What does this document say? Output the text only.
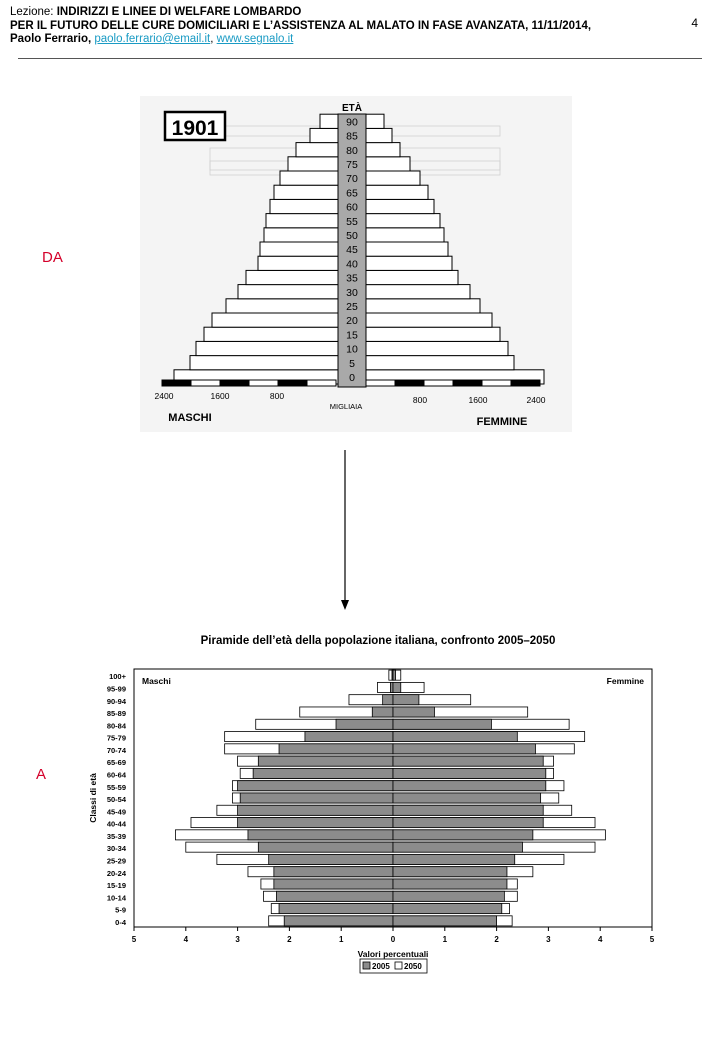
Lezione: INDIRIZZI E LINEE DI WELFARE LOMBARDO
PER IL FUTURO DELLE CURE DOMICILIARI E L’ASSISTENZA AL MALATO IN FASE AVANZATA, 11/11/2014,
Paolo Ferrario, paolo.ferrario@email.it, www.segnalo.it
4
DA
A
1901
ETÀ
0
5
10
15
20
25
30
35
40
45
50
55
60
65
70
75
80
85
90
2400	1600	800	800	1600	2400
MIGLIAIA
MASCHI	FEMMINE
Piramide dell’età della popolazione italiana, confronto 2005–2050
Maschi	Femmine
0-4
5-9
10-14
15-19
20-24
25-29
30-34
35-39
40-44
45-49
50-54
55-59
60-64
65-69
70-74
75-79
80-84
85-89
90-94
95-99
100+
5	4	3	2	1	0	1	2	3	4	5
Valori percentuali
Classi di età
2005 2050
